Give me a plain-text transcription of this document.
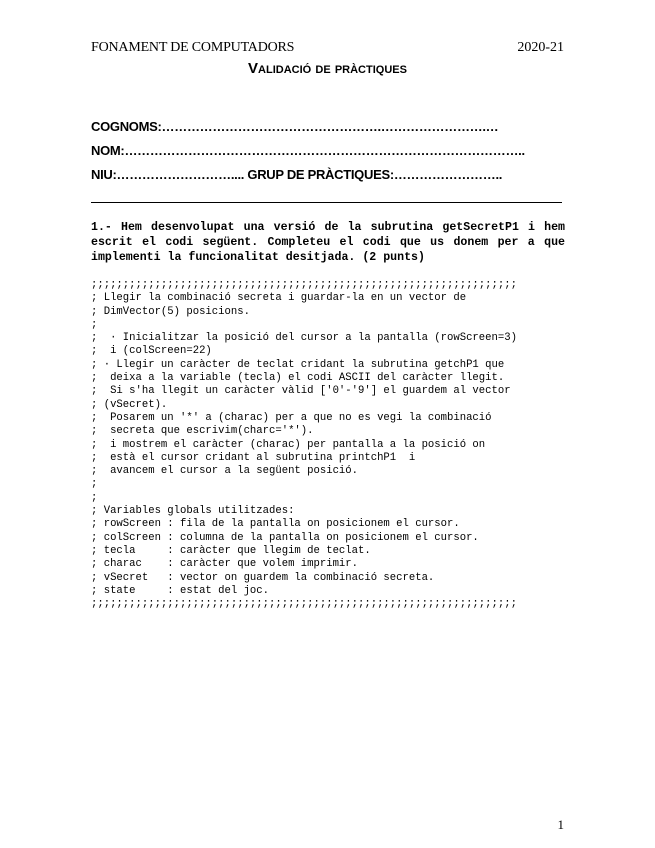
FONAMENT DE COMPUTADORS	2020-21
Validació de pràctiques
COGNOMS:…………………………………………….…………………….…
NOM:…………………………………………………………………………………..
NIU:……………………….... GRUP DE PRÀCTIQUES:……………………..
1.- Hem desenvolupat una versió de la subrutina getSecretP1 i hem escrit el codi següent. Completeu el codi que us donem per a que implementi la funcionalitat desitjada. (2 punts)
;;;;;;;;;;;;;;;;;;;;;;;;;;;;;;;;;;;;;;;;;;;;;;;;;;;;;;;;;;;;;;;;;;;
; Llegir la combinació secreta i guardar-la en un vector de
; DimVector(5) posicions.
;
;  · Inicialitzar la posició del cursor a la pantalla (rowScreen=3)
;  i (colScreen=22)
; · Llegir un caràcter de teclat cridant la subrutina getchP1 que
;  deixa a la variable (tecla) el codi ASCII del caràcter llegit.
;  Si s'ha llegit un caràcter vàlid ['0'-'9'] el guardem al vector
; (vSecret).
;  Posarem un '*' a (charac) per a que no es vegi la combinació
;  secreta que escrivim(charc='*').
;  i mostrem el caràcter (charac) per pantalla a la posició on
;  està el cursor cridant al subrutina printchP1  i
;  avancem el cursor a la següent posició.
;
;
; Variables globals utilitzades:
; rowScreen : fila de la pantalla on posicionem el cursor.
; colScreen : columna de la pantalla on posicionem el cursor.
; tecla     : caràcter que llegim de teclat.
; charac    : caràcter que volem imprimir.
; vSecret   : vector on guardem la combinació secreta.
; state     : estat del joc.
;;;;;;;;;;;;;;;;;;;;;;;;;;;;;;;;;;;;;;;;;;;;;;;;;;;;;;;;;;;;;;;;;;;
1
